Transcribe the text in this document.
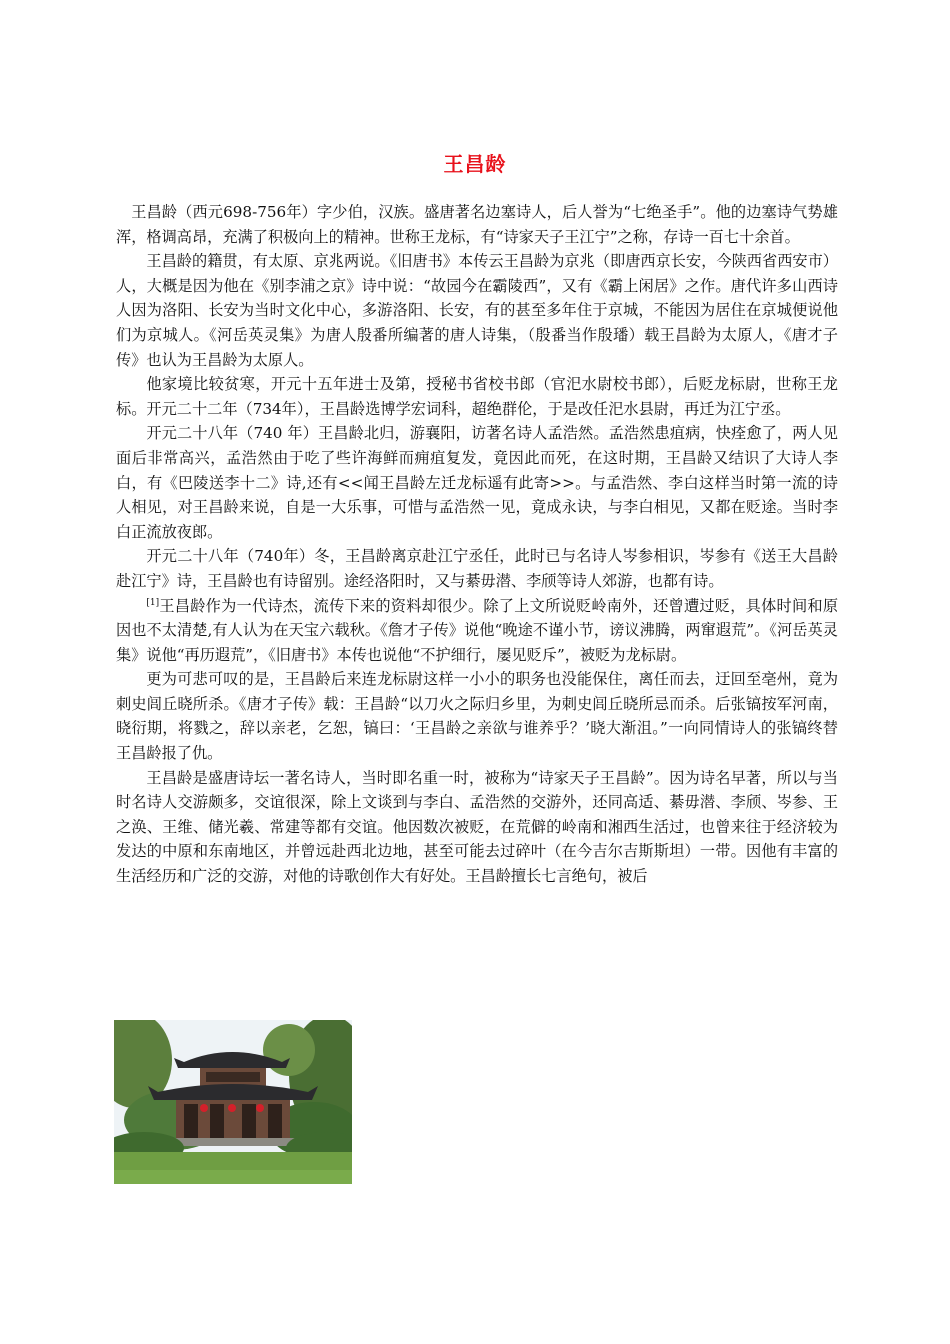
王昌龄

王昌龄（西元698-756年）字少伯，汉族。盛唐著名边塞诗人，后人誉为“七绝圣手”。他的边塞诗气势雄浑，格调高昂，充满了积极向上的精神。世称王龙标，有“诗家天子王江宁”之称，存诗一百七十余首。

王昌龄的籍贯，有太原、京兆两说。《旧唐书》本传云王昌龄为京兆（即唐西京长安，今陕西省西安市）人，大概是因为他在《别李浦之京》诗中说：“故园今在霸陵西”，又有《霸上闲居》之作。唐代许多山西诗人因为洛阳、长安为当时文化中心，多游洛阳、长安，有的甚至多年住于京城，不能因为居住在京城便说他们为京城人。《河岳英灵集》为唐人殷番所编著的唐人诗集，（殷番当作殷璠）载王昌龄为太原人，《唐才子传》也认为王昌龄为太原人。

他家境比较贫寒，开元十五年进士及第，授秘书省校书郎（官汜水尉校书郎），后贬龙标尉，世称王龙标。开元二十二年（734年），王昌龄选博学宏词科，超绝群伦，于是改任汜水县尉，再迁为江宁丞。

开元二十八年（740 年）王昌龄北归，游襄阳，访著名诗人孟浩然。孟浩然患疽病，快痊愈了，两人见面后非常高兴，孟浩然由于吃了些许海鲜而痈疽复发，竟因此而死，在这时期，王昌龄又结识了大诗人李白，有《巴陵送李十二》诗,还有<<闻王昌龄左迁龙标遥有此寄>>。与孟浩然、李白这样当时第一流的诗人相见，对王昌龄来说，自是一大乐事，可惜与孟浩然一见，竟成永诀，与李白相见，又都在贬途。当时李白正流放夜郎。

开元二十八年（740年）冬，王昌龄离京赴江宁丞任，此时已与名诗人岑参相识，岑参有《送王大昌龄赴江宁》诗，王昌龄也有诗留别。途经洛阳时，又与綦毋潜、李颀等诗人郊游，也都有诗。

[1]王昌龄作为一代诗杰，流传下来的资料却很少。除了上文所说贬岭南外，还曾遭过贬，具体时间和原因也不太清楚,有人认为在天宝六载秋。《詹才子传》说他“晚途不谨小节，谤议沸腾，两窜遐荒”。《河岳英灵集》说他“再历遐荒”，《旧唐书》本传也说他“不护细行，屡见贬斥”，被贬为龙标尉。

更为可悲可叹的是，王昌龄后来连龙标尉这样一小小的职务也没能保住，离任而去，迂回至亳州，竟为刺史闾丘晓所杀。《唐才子传》载：王昌龄“以刀火之际归乡里，为刺史闾丘晓所忌而杀。后张镐按军河南，晓衍期，将戮之，辞以亲老，乞恕，镐曰：‘王昌龄之亲欲与谁养乎？’晓大渐沮。”一向同情诗人的张镐终替王昌龄报了仇。

王昌龄是盛唐诗坛一著名诗人，当时即名重一时，被称为“诗家天子王昌龄”。因为诗名早著，所以与当时名诗人交游颇多，交谊很深，除上文谈到与李白、孟浩然的交游外，还同高适、綦毋潜、李颀、岑参、王之涣、王维、储光羲、常建等都有交谊。他因数次被贬，在荒僻的岭南和湘西生活过，也曾来往于经济较为发达的中原和东南地区，并曾远赴西北边地，甚至可能去过碎叶（在今吉尔吉斯斯坦）一带。因他有丰富的生活经历和广泛的交游，对他的诗歌创作大有好处。王昌龄擅长七言绝句，被后
